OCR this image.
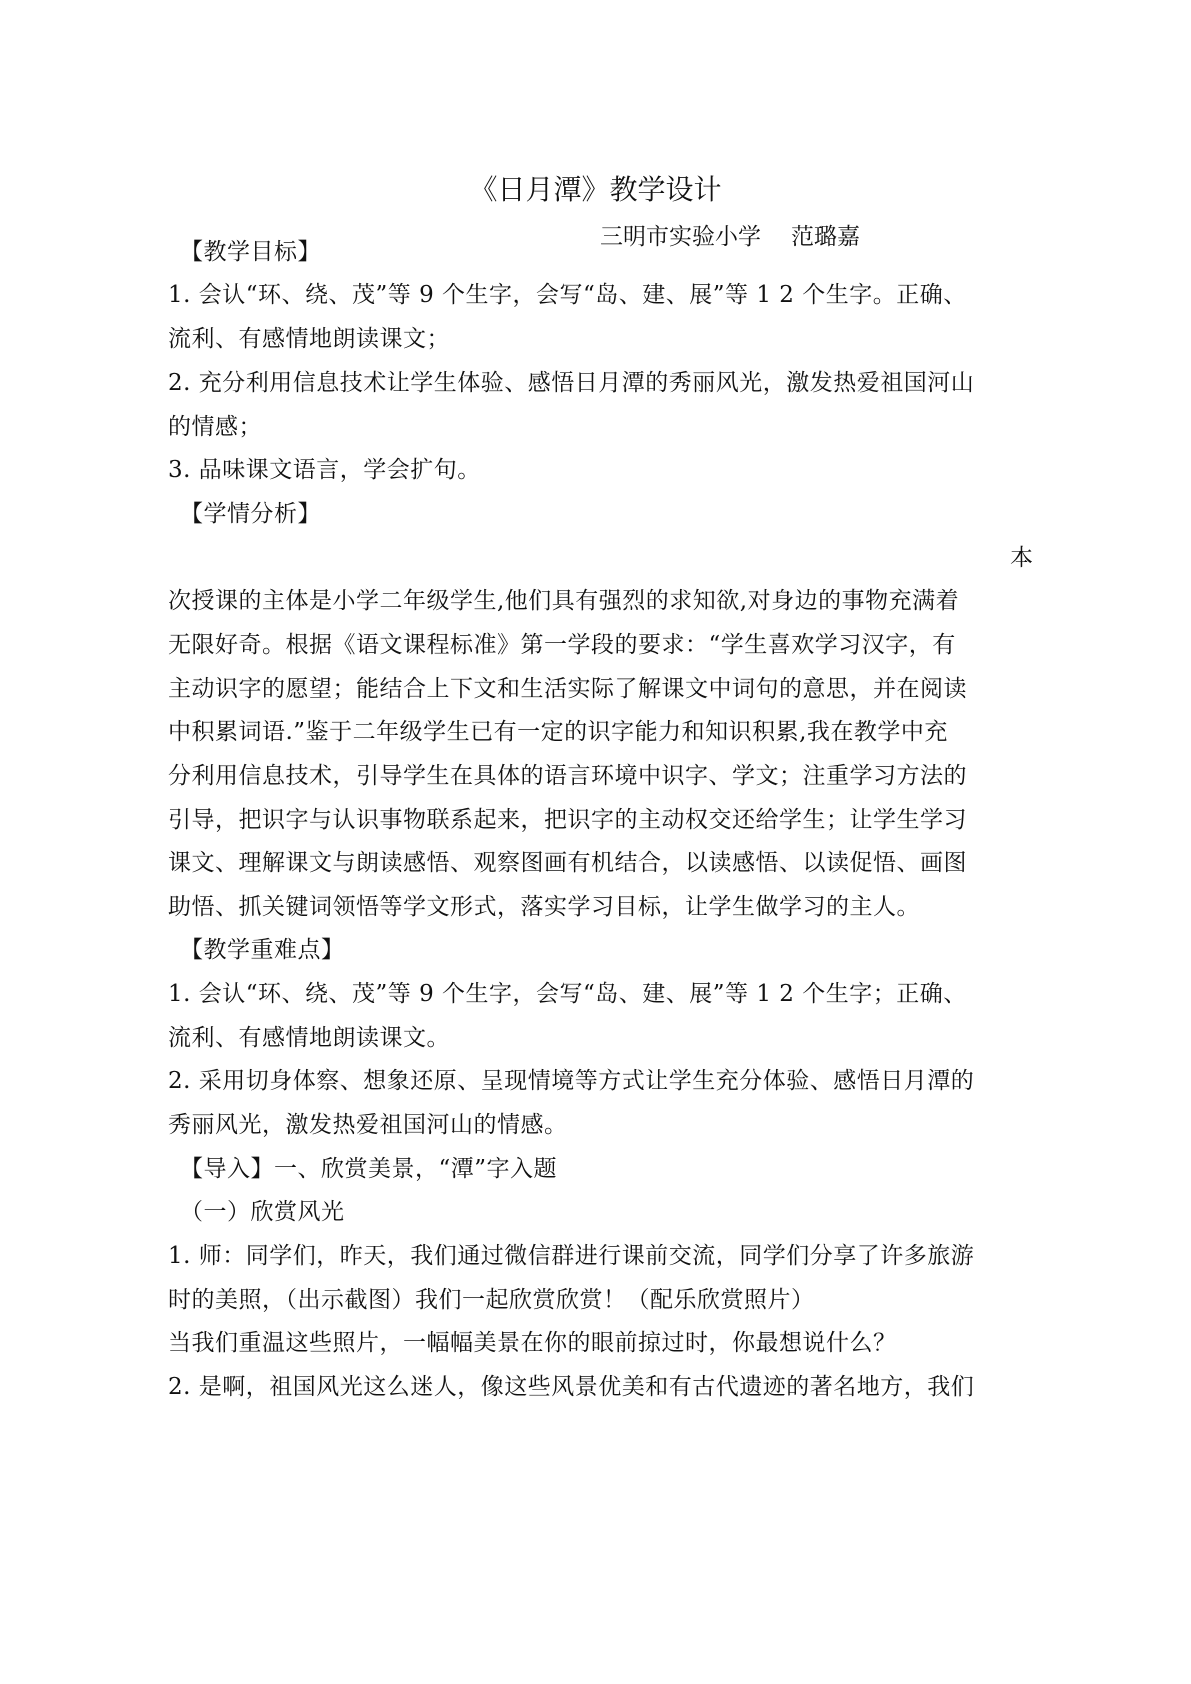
《日月潭》教学设计
三明市实验小学 范璐嘉

【教学目标】

1. 会认“环、绕、茂”等 9 个生字，会写“岛、建、展”等 1 2 个生字。正确、

流利、有感情地朗读课文；

2. 充分利用信息技术让学生体验、感悟日月潭的秀丽风光，激发热爱祖国河山

的情感；

3. 品味课文语言，学会扩句。

【学情分析】

本

次授课的主体是小学二年级学生,他们具有强烈的求知欲,对身边的事物充满着

无限好奇。根据《语文课程标准》第一学段的要求：“学生喜欢学习汉字，有

主动识字的愿望；能结合上下文和生活实际了解课文中词句的意思，并在阅读

中积累词语.”鉴于二年级学生已有一定的识字能力和知识积累,我在教学中充

分利用信息技术，引导学生在具体的语言环境中识字、学文；注重学习方法的

引导，把识字与认识事物联系起来，把识字的主动权交还给学生；让学生学习

课文、理解课文与朗读感悟、观察图画有机结合，以读感悟、以读促悟、画图

助悟、抓关键词领悟等学文形式，落实学习目标，让学生做学习的主人。

【教学重难点】

1. 会认“环、绕、茂”等 9 个生字，会写“岛、建、展”等 1 2 个生字；正确、

流利、有感情地朗读课文。

2. 采用切身体察、想象还原、呈现情境等方式让学生充分体验、感悟日月潭的

秀丽风光，激发热爱祖国河山的情感。

【导入】一、欣赏美景，“潭”字入题

（一）欣赏风光

1. 师：同学们，昨天，我们通过微信群进行课前交流，同学们分享了许多旅游

时的美照，（出示截图）我们一起欣赏欣赏！（配乐欣赏照片）

当我们重温这些照片，一幅幅美景在你的眼前掠过时，你最想说什么？

2. 是啊，祖国风光这么迷人，像这些风景优美和有古代遗迹的著名地方，我们
